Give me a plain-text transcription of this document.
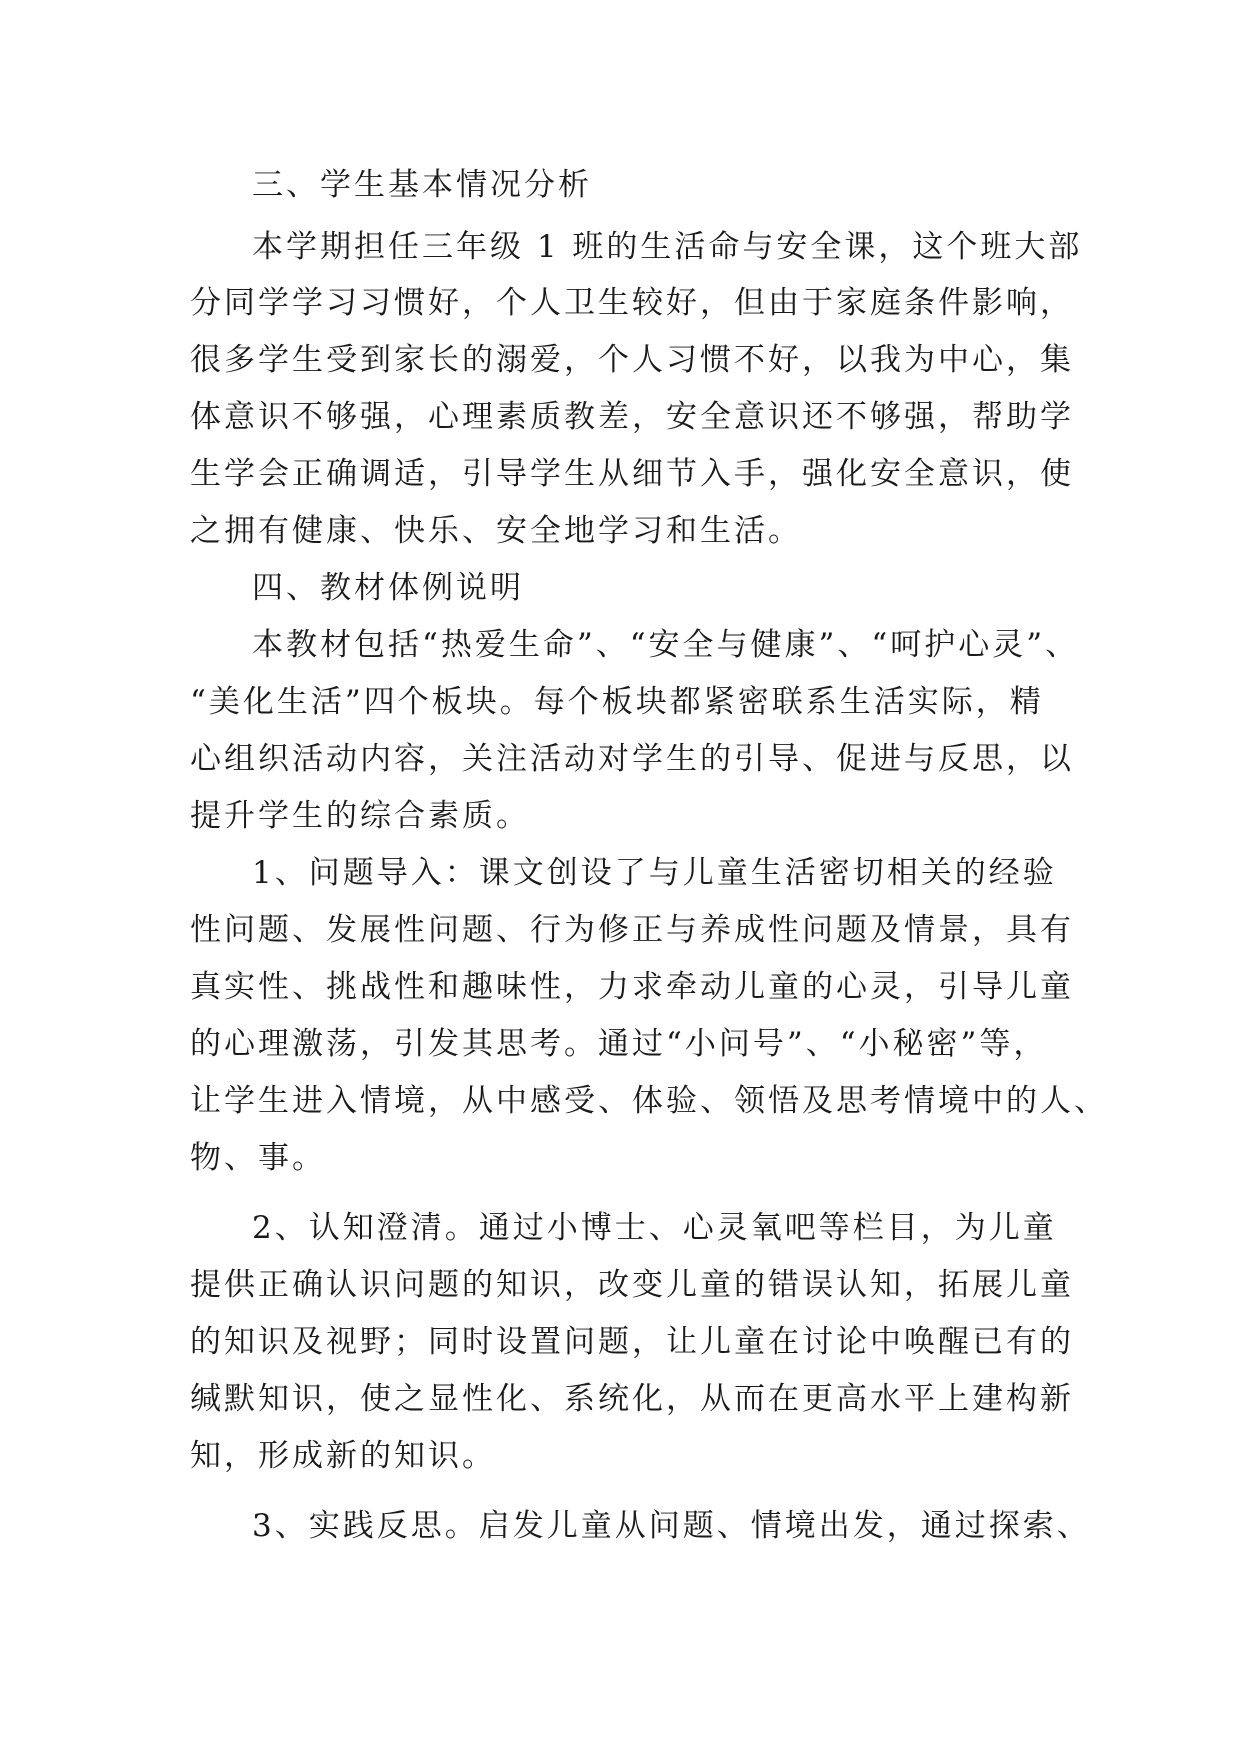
三、学生基本情况分析
本学期担任三年级 1 班的生活命与安全课，这个班大部
分同学学习习惯好，个人卫生较好，但由于家庭条件影响，
很多学生受到家长的溺爱，个人习惯不好，以我为中心，集
体意识不够强，心理素质教差，安全意识还不够强，帮助学
生学会正确调适，引导学生从细节入手，强化安全意识，使
之拥有健康、快乐、安全地学习和生活。
四、教材体例说明
本教材包括“热爱生命”、“安全与健康”、“呵护心灵”、
“美化生活”四个板块。每个板块都紧密联系生活实际，精
心组织活动内容，关注活动对学生的引导、促进与反思，以
提升学生的综合素质。
1、问题导入：课文创设了与儿童生活密切相关的经验
性问题、发展性问题、行为修正与养成性问题及情景，具有
真实性、挑战性和趣味性，力求牵动儿童的心灵，引导儿童
的心理激荡，引发其思考。通过“小问号”、“小秘密”等，
让学生进入情境，从中感受、体验、领悟及思考情境中的人、
物、事。
2、认知澄清。通过小博士、心灵氧吧等栏目，为儿童
提供正确认识问题的知识，改变儿童的错误认知，拓展儿童
的知识及视野；同时设置问题，让儿童在讨论中唤醒已有的
缄默知识，使之显性化、系统化，从而在更高水平上建构新
知，形成新的知识。
3、实践反思。启发儿童从问题、情境出发，通过探索、
